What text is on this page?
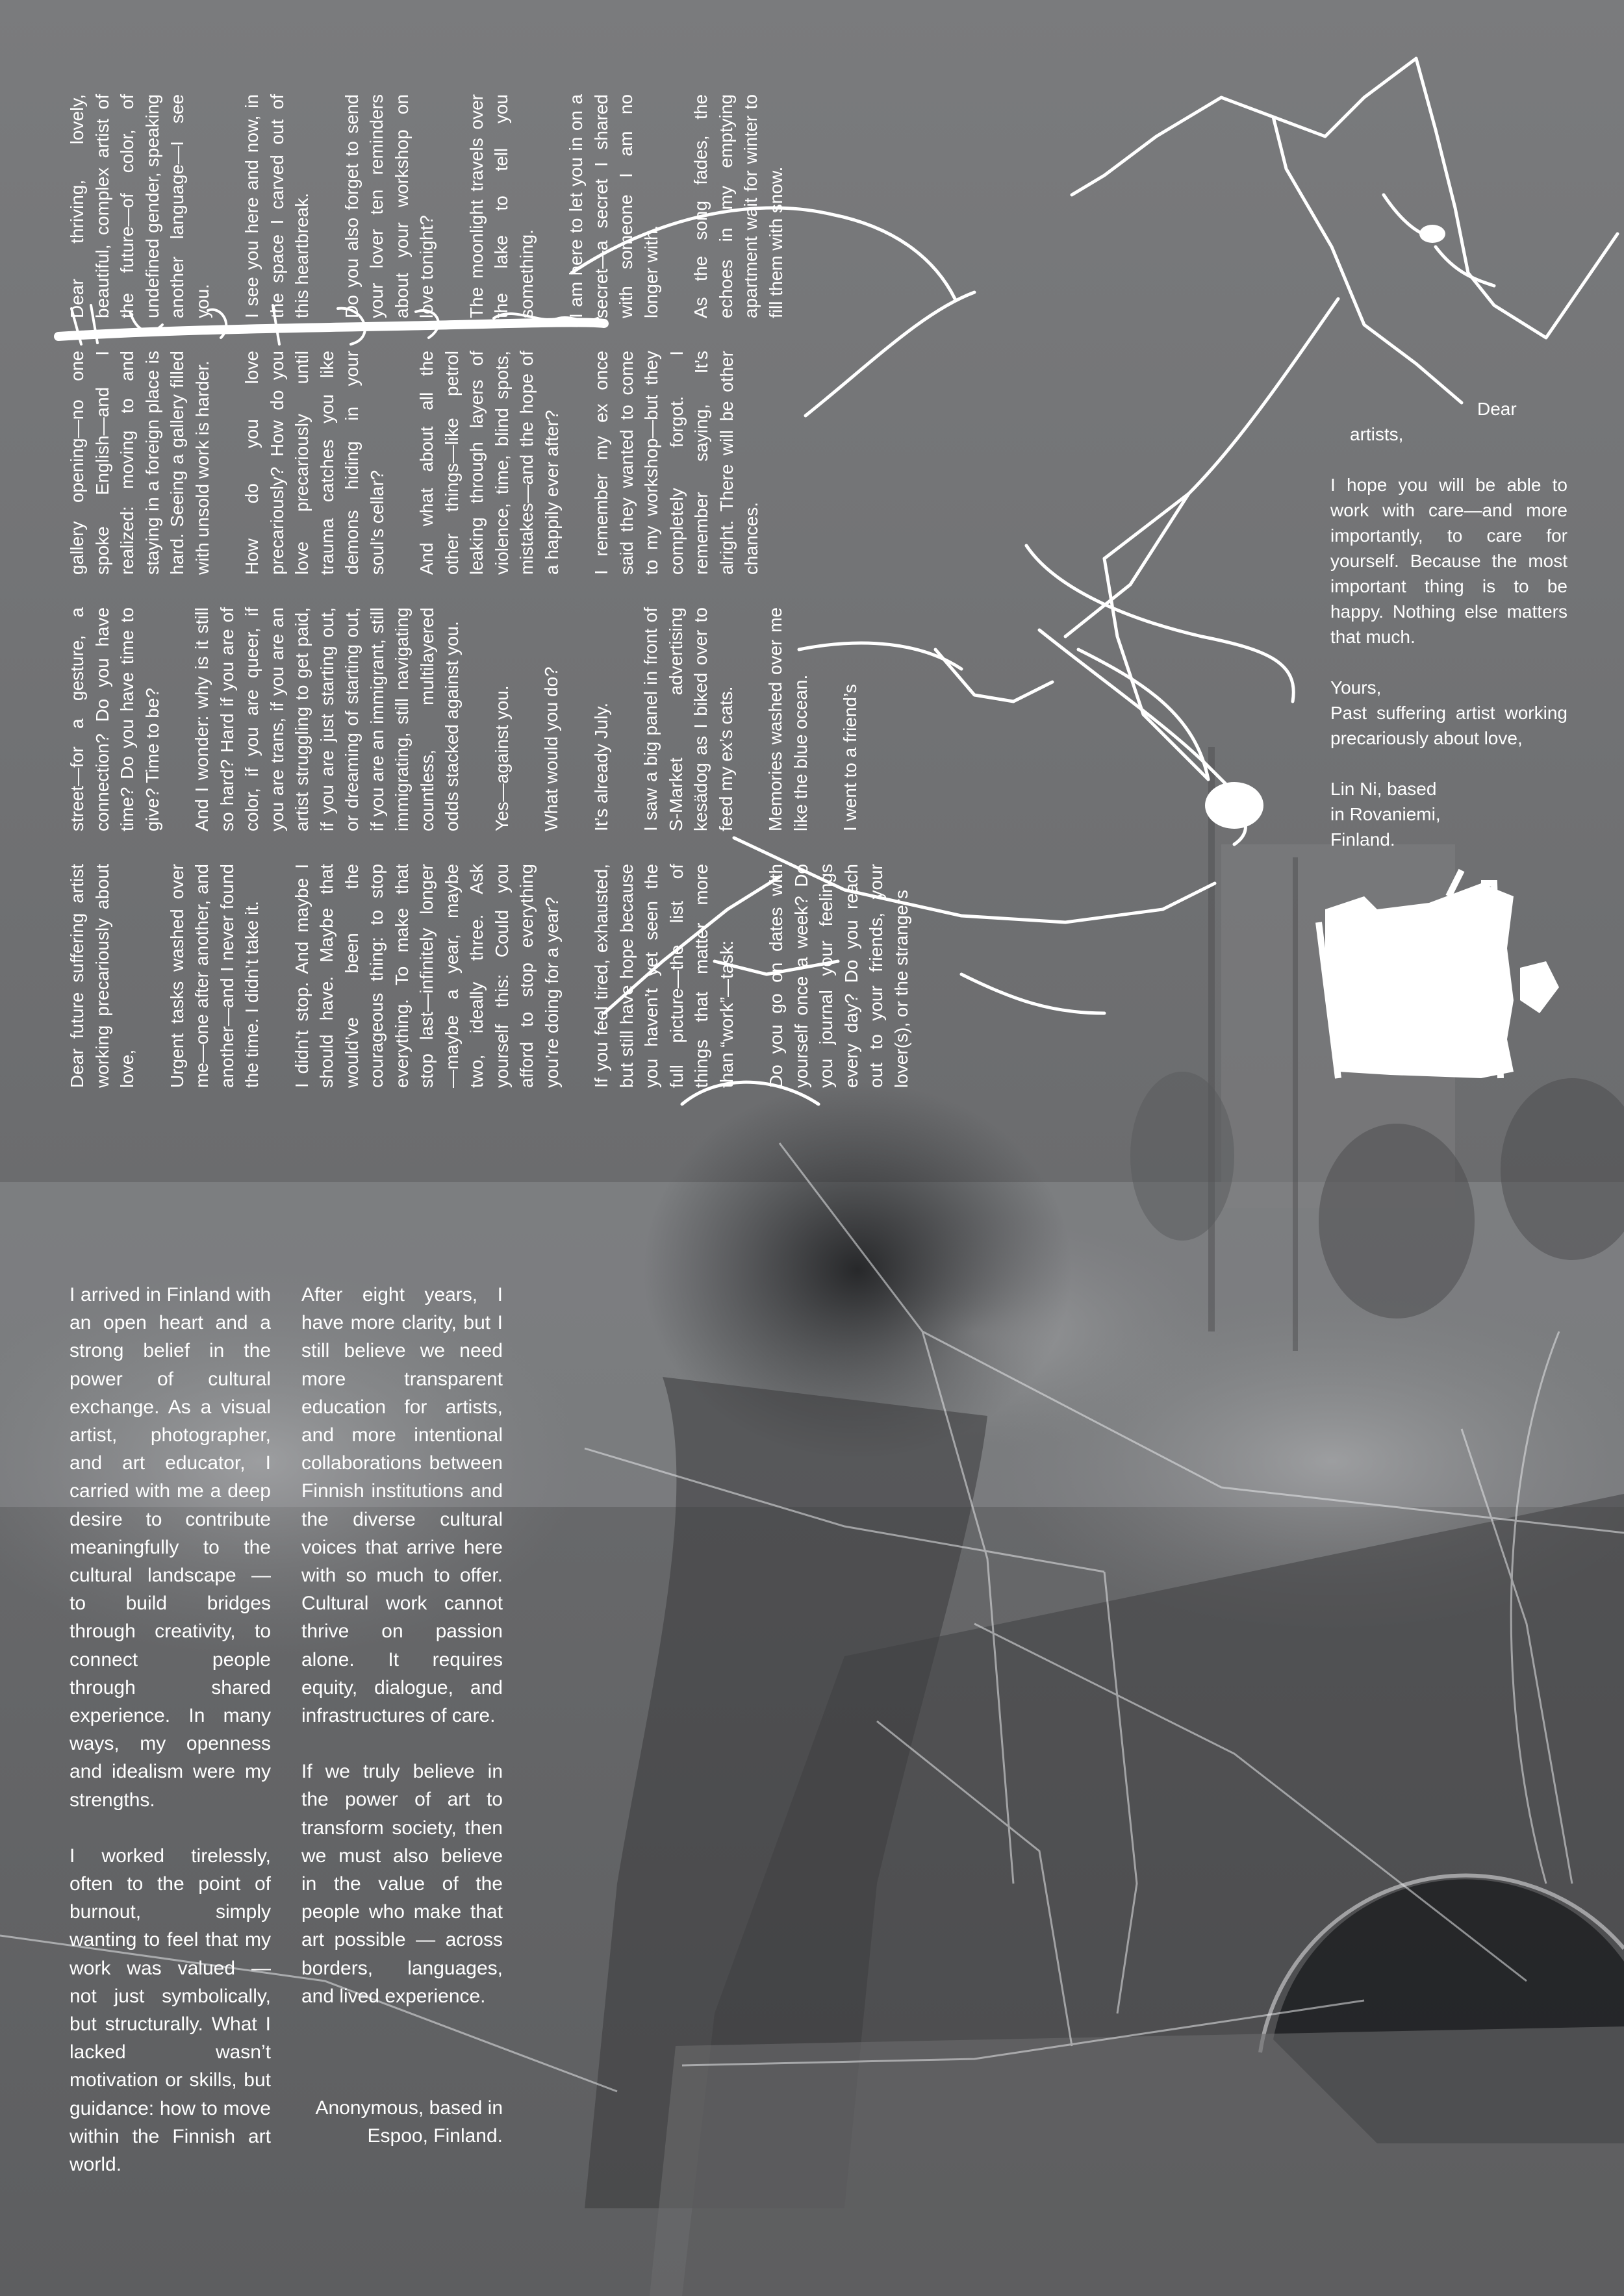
Dear future suffering artist working precariously about love, Urgent tasks washed over me—one after another, and another—and I never found the time. I didn’t take it. I didn’t stop. And maybe I should have. Maybe that would’ve been the courageous thing: to stop everything. To make that stop last—infinitely longer—maybe a year, maybe two, ideally three. Ask yourself this: Could you afford to stop everything you’re doing for a year? If you feel tired, exhausted, but still have hope because you haven’t yet seen the full picture—the list of things that matter more than “work”—task: Do you go on dates with yourself once a week? Do you journal your feelings every day? Do you reach out to your friends, your lover(s), or the strangers

street—for a gesture, a connection? Do you have time? Do you have time to give? Time to be? And I wonder: why is it still so hard? Hard if you are of color, if you are queer, if you are trans, if you are an artist struggling to get paid, if you are just starting out, or dreaming of starting out, if you are an immigrant, still immigrating, still navigating countless, multilayered odds stacked against you. Yes—against you. What would you do? It’s already July. I saw a big panel in front of S-Market advertising kesädog as I biked over to feed my ex’s cats. Memories washed over me like the blue ocean. I went to a friend’s

gallery opening—no one spoke English—and I realized: moving to and staying in a foreign place is hard. Seeing a gallery filled with unsold work is harder. How do you love precariously? How do you love precariously until trauma catches you like demons hiding in your soul’s cellar? And what about all the other things—like petrol leaking through layers of violence, time, blind spots, mistakes—and the hope of a happily ever after? I remember my ex once said they wanted to come to my workshop—but they completely forgot. I remember saying, It’s alright. There will be other chances.

Dear thriving, lovely, beautiful, complex artist of the future—of color, of undefined gender, speaking another language—I see you. I see you here and now, in the space I carved out of this heartbreak. Do you also forget to send your lover ten reminders about your workshop on love tonight? The moonlight travels over the lake to tell you something. I am here to let you in on a secret—a secret I shared with someone I am no longer with. As the song fades, the echoes in my emptying apartment wait for winter to fill them with snow.

Dear
artists,

I hope you will be able to work with care—and more importantly, to care for yourself. Because the most important thing is to be happy. Nothing else matters that much.

Yours,

Past suffering artist working precariously about love,

Lin Ni, based in Rovaniemi, Finland.

I arrived in Finland with an open heart and a strong belief in the power of cultural exchange. As a visual artist, photographer, and art educator, I carried with me a deep desire to contribute meaningfully to the cultural landscape — to build bridges through creativity, to connect people through shared experience. In many ways, my openness and idealism were my strengths.

I worked tirelessly, often to the point of burnout, simply wanting to feel that my work was valued — not just symbolically, but structurally. What I lacked wasn’t motivation or skills, but guidance: how to move within the Finnish art world.

After eight years, I have more clarity, but I still believe we need more transparent education for artists, and more intentional collaborations between Finnish institutions and the diverse cultural voices that arrive here with so much to offer. Cultural work cannot thrive on passion alone. It requires equity, dialogue, and infrastructures of care.

If we truly believe in the power of art to transform society, then we must also believe in the value of the people who make that art possible — across borders, languages, and lived experience.

Anonymous, based in Espoo, Finland.
